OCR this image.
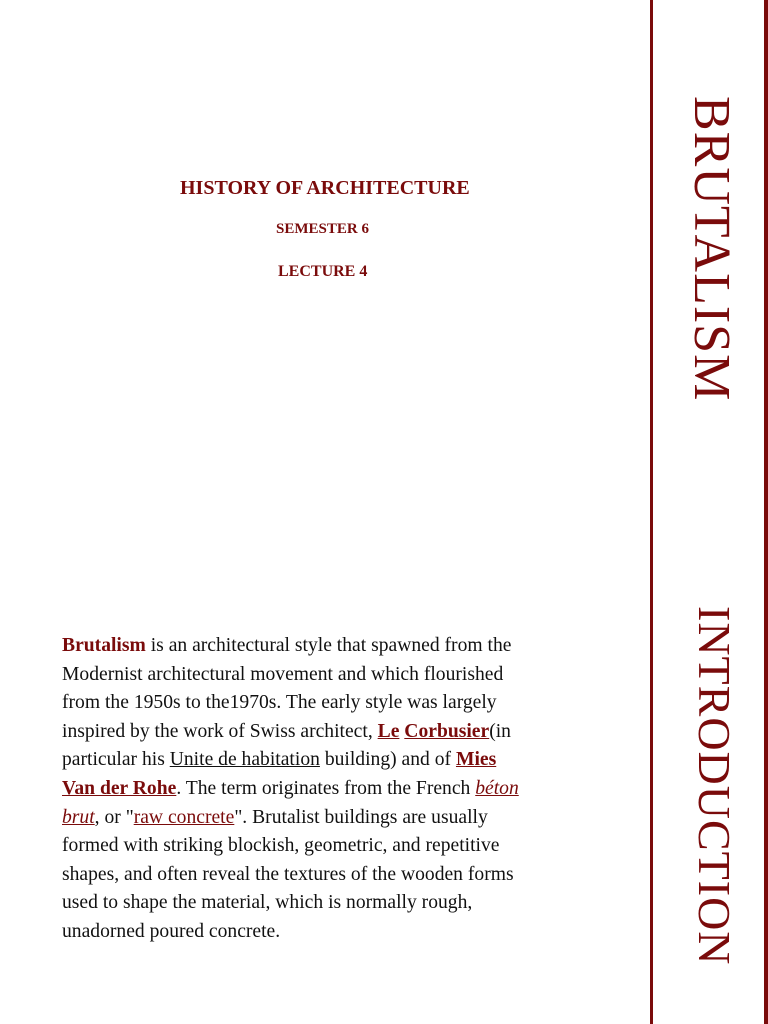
BRUTALISM
INTRODUCTION
HISTORY OF ARCHITECTURE
SEMESTER 6
LECTURE 4
Brutalism is an architectural style that spawned from the
Modernist architectural movement and which flourished
from the 1950s to the1970s. The early style was largely
inspired by the work of Swiss architect, Le Corbusier(in
particular his Unite de habitation building) and of Mies
Van der Rohe. The term originates from the French béton
brut, or "raw concrete". Brutalist buildings are usually
formed with striking blockish, geometric, and repetitive
shapes, and often reveal the textures of the wooden forms
used to shape the material, which is normally rough,
unadorned poured concrete.
